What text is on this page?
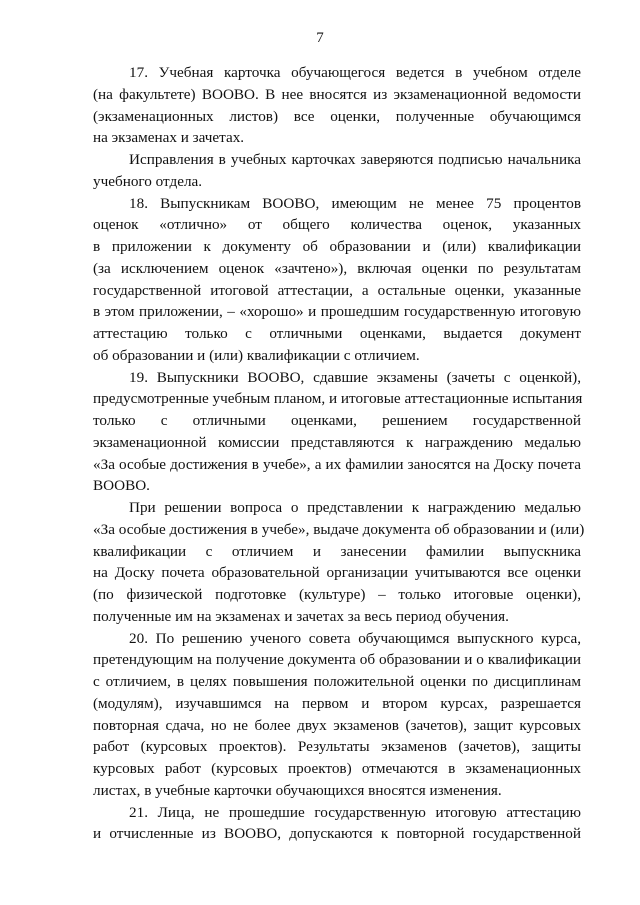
7
17. Учебная карточка обучающегося ведется в учебном отделе
(на факультете) ВООВО. В нее вносятся из экзаменационной ведомости
(экзаменационных листов) все оценки, полученные обучающимся
на экзаменах и зачетах.
Исправления в учебных карточках заверяются подписью начальника
учебного отдела.
18. Выпускникам ВООВО, имеющим не менее 75 процентов
оценок «отлично» от общего количества оценок, указанных
в приложении к документу об образовании и (или) квалификации
(за исключением оценок «зачтено»), включая оценки по результатам
государственной итоговой аттестации, а остальные оценки, указанные
в этом приложении, – «хорошо» и прошедшим государственную итоговую
аттестацию только с отличными оценками, выдается документ
об образовании и (или) квалификации с отличием.
19. Выпускники ВООВО, сдавшие экзамены (зачеты с оценкой),
предусмотренные учебным планом, и итоговые аттестационные испытания
только с отличными оценками, решением государственной
экзаменационной комиссии представляются к награждению медалью
«За особые достижения в учебе», а их фамилии заносятся на Доску почета
ВООВО.
При решении вопроса о представлении к награждению медалью
«За особые достижения в учебе», выдаче документа об образовании и (или)
квалификации с отличием и занесении фамилии выпускника
на Доску почета образовательной организации учитываются все оценки
(по физической подготовке (культуре) – только итоговые оценки),
полученные им на экзаменах и зачетах за весь период обучения.
20. По решению ученого совета обучающимся выпускного курса,
претендующим на получение документа об образовании и о квалификации
с отличием, в целях повышения положительной оценки по дисциплинам
(модулям), изучавшимся на первом и втором курсах, разрешается
повторная сдача, но не более двух экзаменов (зачетов), защит курсовых
работ (курсовых проектов). Результаты экзаменов (зачетов), защиты
курсовых работ (курсовых проектов) отмечаются в экзаменационных
листах, в учебные карточки обучающихся вносятся изменения.
21. Лица, не прошедшие государственную итоговую аттестацию
и отчисленные из ВООВО, допускаются к повторной государственной
